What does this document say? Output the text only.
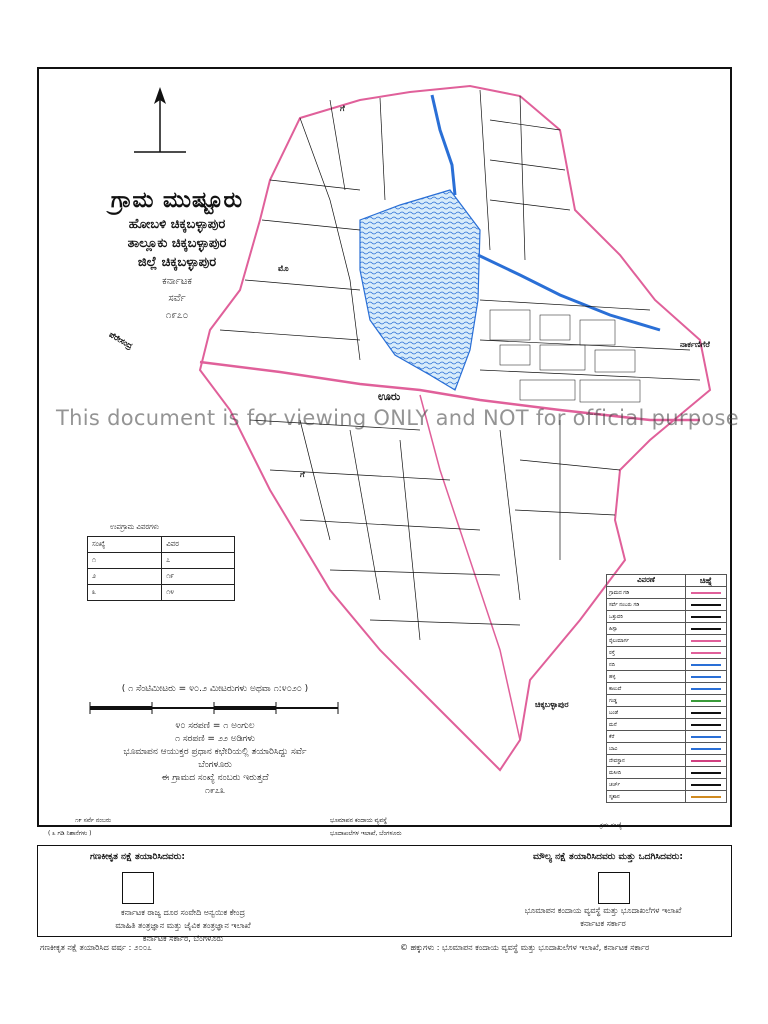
ಗ್ರಾಮ ಮುಷ್ಟೂರು
ಹೋಬಳಿ ಚಿಕ್ಕಬಳ್ಳಾಪುರ
ತಾಲ್ಲೂಕು ಚಿಕ್ಕಬಳ್ಳಾಪುರ
ಜಿಲ್ಲೆ ಚಿಕ್ಕಬಳ್ಳಾಪುರ
ಕರ್ನಾಟಕ
ಸರ್ವೆ
೧೯೭೦
ಊರು
ಗೆ
ಮೊ
ಗೆ
ಪೆರೇಸಂದ್ರ
ಚಿಕ್ಕಬಳ್ಳಾಪುರ
ನಾರ್ಕಣಿಗೆರೆ
This document is for viewing ONLY and NOT for official purpose
ಉಪಗ್ರಾಮ ವಿವರಗಳು
ಸಂಖ್ಯೆ	ವಿವರ
೧	೭
೨	೧೯
೩	೧೪
( ೧ ಸೆಂಟಿಮೀಟರು = ೪೦.೨ ಮೀಟರುಗಳು ಅಥವಾ ೧:೪೦೨೦ )
೪೦ ಸರಪಣಿ = ೧ ಅಂಗುಲ
೧ ಸರಪಣಿ = ೨೨ ಅಡಿಗಳು
ಭೂಮಾಪನ ಆಯುಕ್ತರ ಪ್ರಧಾನ ಕಛೇರಿಯಲ್ಲಿ ತಯಾರಿಸಿದ್ದು ಸರ್ವೆ
ಬೆಂಗಳೂರು
ಈ ಗ್ರಾಮದ ಸಂಖ್ಯೆ ನಂಬರು ಇರುತ್ತದೆ
೧೯೭೩
ವಿವರಣೆ	ಚಿಹ್ನೆ
ಗ್ರಾಮದ ಗಡಿ	

ಸರ್ವೆ ನಂಬರು ಗಡಿ	

ಒತ್ತುವರಿ	

ಹಿಸ್ಸಾ	

ರೈಲುಮಾರ್ಗ	

ರಸ್ತೆ	

ನದಿ	

ಹಳ್ಳ	

ಕಾಲುವೆ	

ಗುಡ್ಡ	

ಬಂಡೆ	

ಮನೆ	

ಕೆರೆ	

ಬಾವಿ	

ದೇವಸ್ಥಾನ	

ಮಸೀದಿ	

ಚರ್ಚ್	

ಸ್ಮಶಾನ	
೧೯ ಸರ್ವೆ ನಂಬರು
( ೩ ಗಡಿ ನಿಶಾನೆಗಳು )
ಭೂಮಾಪನ ಕಂದಾಯ ವ್ಯವಸ್ಥೆ
ಭೂದಾಖಲೆಗಳ ಇಲಾಖೆ, ಬೆಂಗಳೂರು
ಕ್ರಮ ಸಂಖ್ಯೆ
ಗಣಕೀಕೃತ ನಕ್ಷೆ ತಯಾರಿಸಿದವರು:
ಕರ್ನಾಟಕ ರಾಜ್ಯ ದೂರ ಸಂವೇದಿ ಅನ್ವಯಿಕ ಕೇಂದ್ರ
ಮಾಹಿತಿ ತಂತ್ರಜ್ಞಾನ ಮತ್ತು ಜೈವಿಕ ತಂತ್ರಜ್ಞಾನ ಇಲಾಖೆ
ಕರ್ನಾಟಕ ಸರ್ಕಾರ, ಬೆಂಗಳೂರು
ಮೌಲ್ಯ ನಕ್ಷೆ ತಯಾರಿಸಿದವರು ಮತ್ತು ಒದಗಿಸಿದವರು:
ಭೂಮಾಪನ ಕಂದಾಯ ವ್ಯವಸ್ಥೆ ಮತ್ತು ಭೂದಾಖಲೆಗಳ ಇಲಾಖೆ
ಕರ್ನಾಟಕ ಸರ್ಕಾರ
ಗಣಕೀಕೃತ ನಕ್ಷೆ ತಯಾರಿಸಿದ ವರ್ಷ : ೨೦೦೭	© ಹಕ್ಕುಗಳು : ಭೂಮಾಪನ ಕಂದಾಯ ವ್ಯವಸ್ಥೆ ಮತ್ತು ಭೂದಾಖಲೆಗಳ ಇಲಾಖೆ, ಕರ್ನಾಟಕ ಸರ್ಕಾರ
